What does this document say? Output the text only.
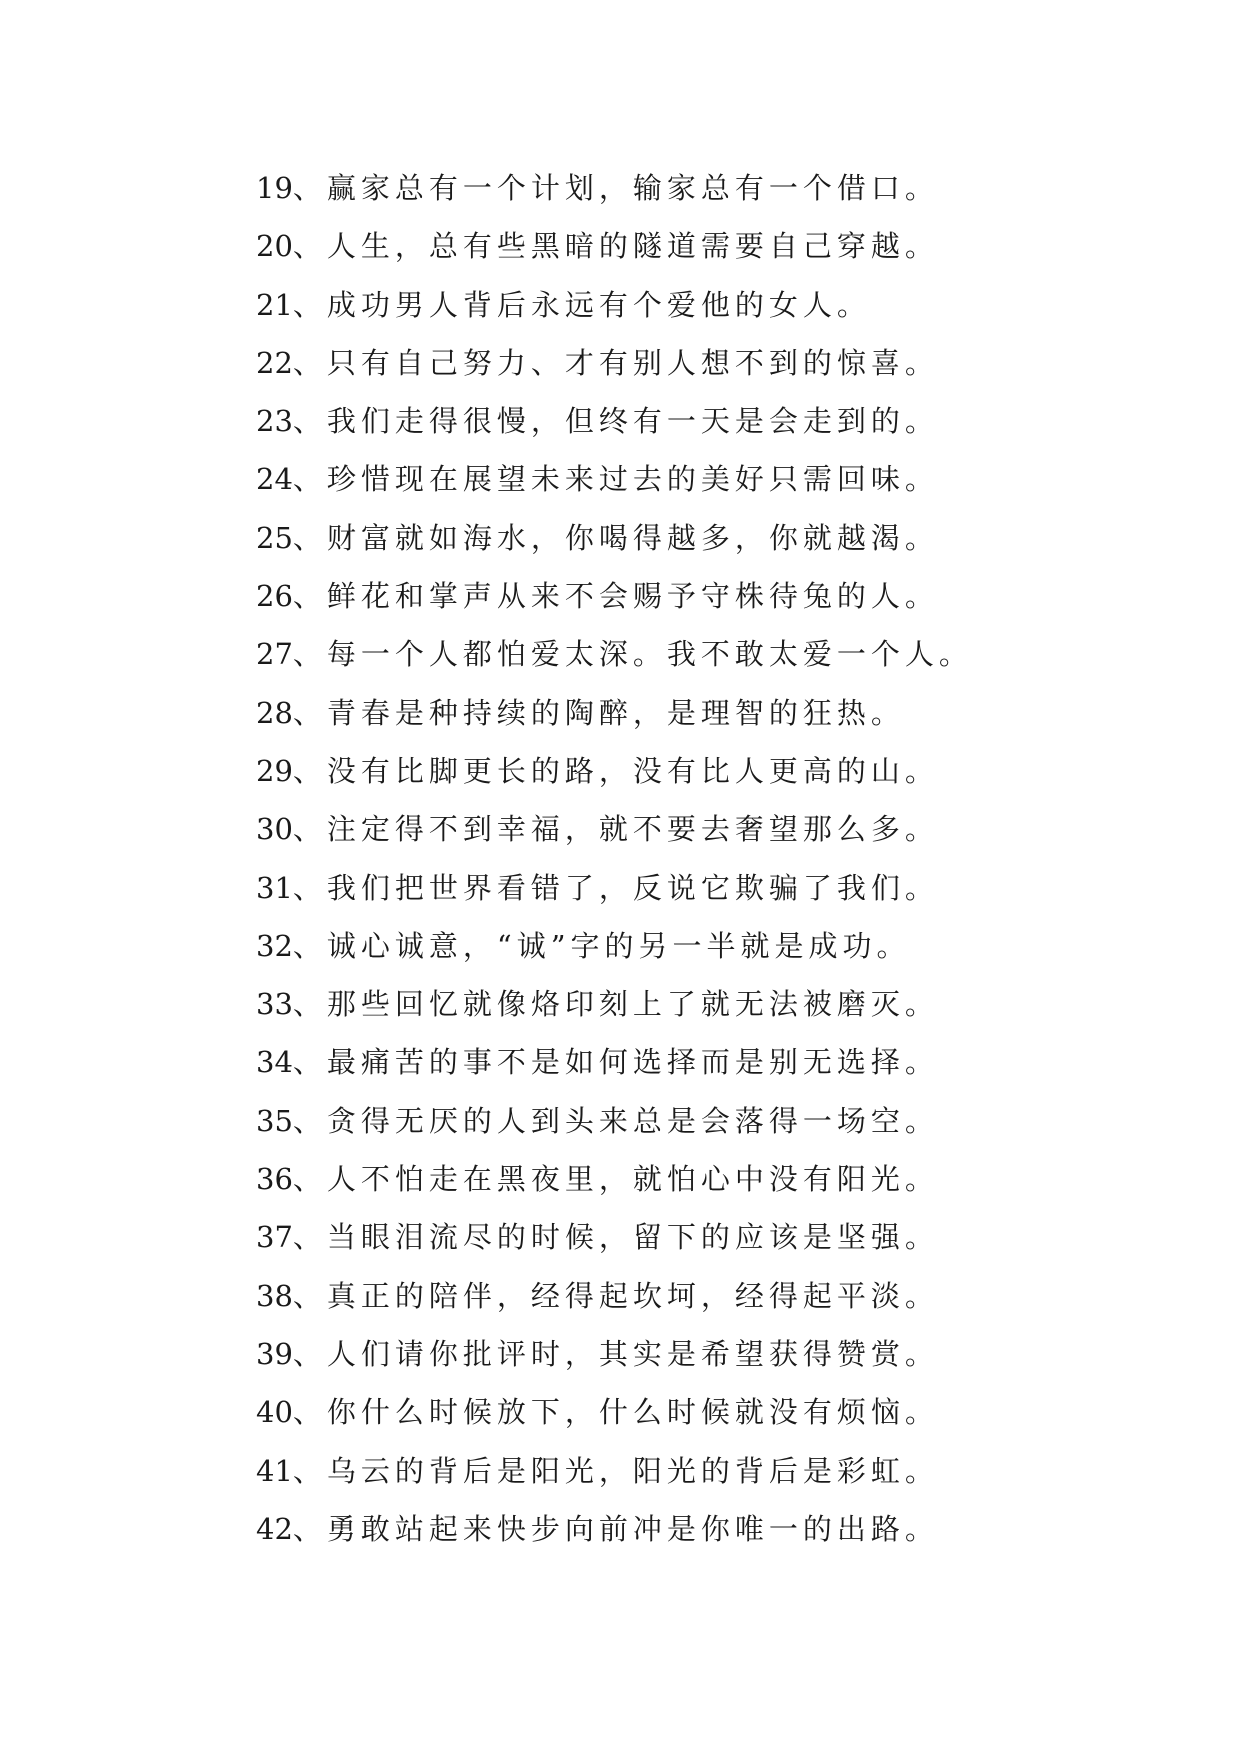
19、赢家总有一个计划，输家总有一个借口。
20、人生，总有些黑暗的隧道需要自己穿越。
21、成功男人背后永远有个爱他的女人。
22、只有自己努力、才有别人想不到的惊喜。
23、我们走得很慢，但终有一天是会走到的。
24、珍惜现在展望未来过去的美好只需回味。
25、财富就如海水，你喝得越多，你就越渴。
26、鲜花和掌声从来不会赐予守株待兔的人。
27、每一个人都怕爱太深。我不敢太爱一个人。
28、青春是种持续的陶醉，是理智的狂热。
29、没有比脚更长的路，没有比人更高的山。
30、注定得不到幸福，就不要去奢望那么多。
31、我们把世界看错了，反说它欺骗了我们。
32、诚心诚意，“诚”字的另一半就是成功。
33、那些回忆就像烙印刻上了就无法被磨灭。
34、最痛苦的事不是如何选择而是别无选择。
35、贪得无厌的人到头来总是会落得一场空。
36、人不怕走在黑夜里，就怕心中没有阳光。
37、当眼泪流尽的时候，留下的应该是坚强。
38、真正的陪伴，经得起坎坷，经得起平淡。
39、人们请你批评时，其实是希望获得赞赏。
40、你什么时候放下，什么时候就没有烦恼。
41、乌云的背后是阳光，阳光的背后是彩虹。
42、勇敢站起来快步向前冲是你唯一的出路。
